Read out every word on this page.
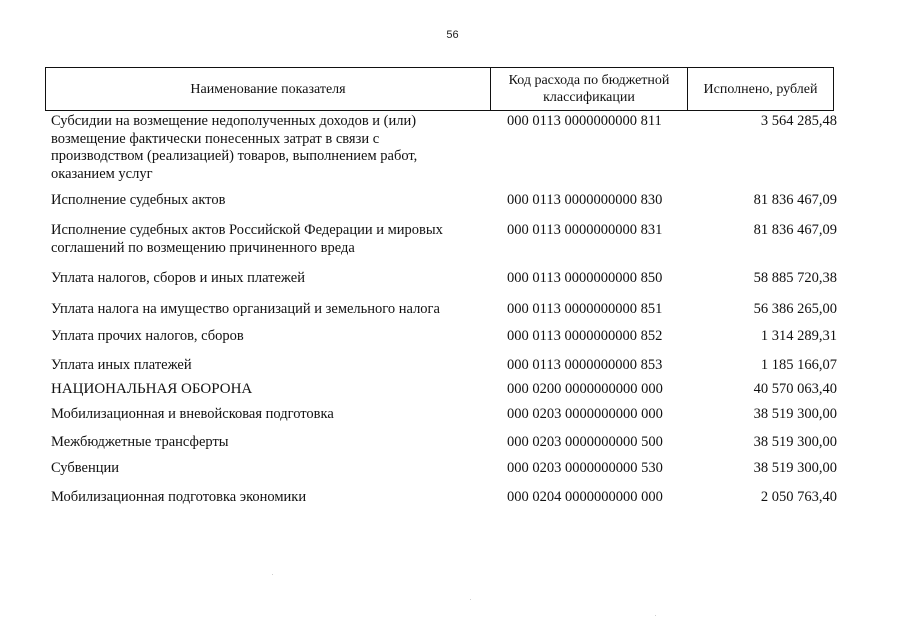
56
Наименование показателя	
Код расхода по бюджетной
классификации
	Исполнено, рублей
Субсидии на возмещение недополученных доходов и (или)
возмещение фактически понесенных затрат в связи с
производством (реализацией) товаров, выполнением работ,
оказанием услуг
000 0113 0000000000 811	3 564 285,48
Исполнение судебных актов	000 0113 0000000000 830	81 836 467,09
Исполнение судебных актов Российской Федерации и мировых
соглашений по возмещению причиненного вреда
000 0113 0000000000 831	81 836 467,09
Уплата налогов, сборов и иных платежей	000 0113 0000000000 850	58 885 720,38
Уплата налога на имущество организаций и земельного налога	000 0113 0000000000 851	56 386 265,00
Уплата прочих налогов, сборов	000 0113 0000000000 852	1 314 289,31
Уплата иных платежей	000 0113 0000000000 853	1 185 166,07
НАЦИОНАЛЬНАЯ ОБОРОНА	000 0200 0000000000 000	40 570 063,40
Мобилизационная и вневойсковая подготовка	000 0203 0000000000 000	38 519 300,00
Межбюджетные трансферты	000 0203 0000000000 500	38 519 300,00
Субвенции	000 0203 0000000000 530	38 519 300,00
Мобилизационная подготовка экономики	000 0204 0000000000 000	2 050 763,40
